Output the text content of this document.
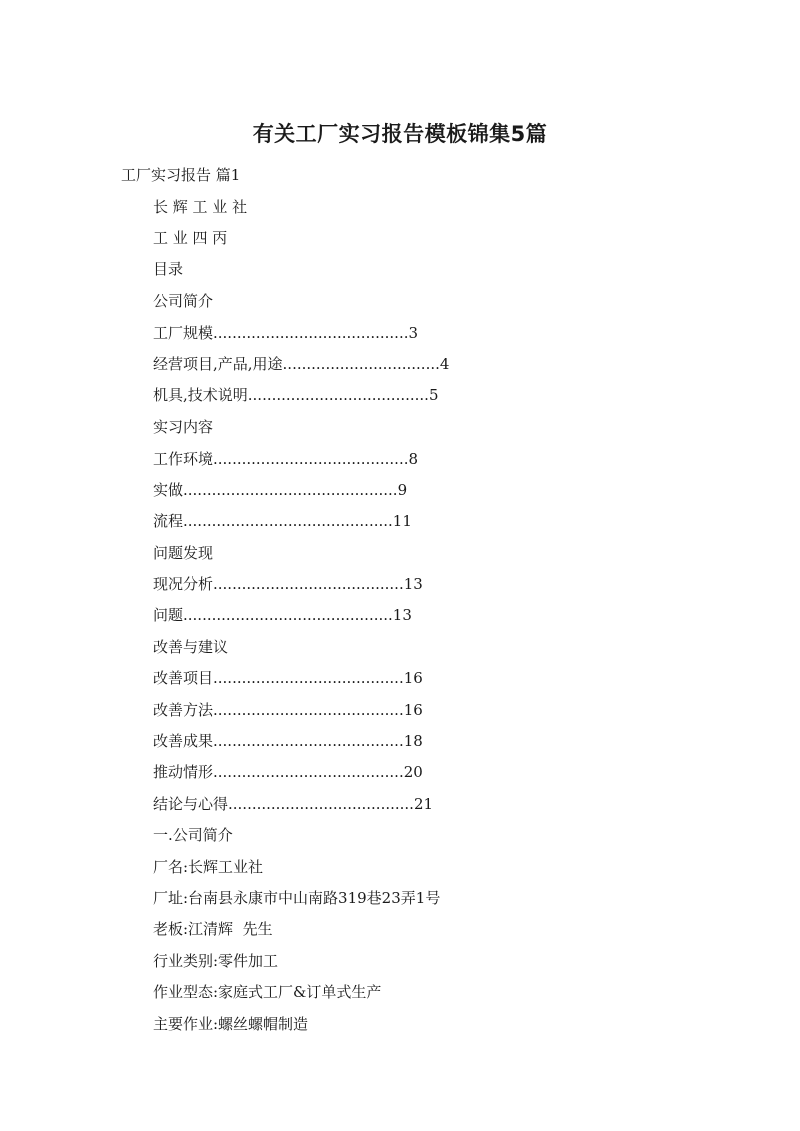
有关工厂实习报告模板锦集5篇
工厂实习报告 篇1
长 辉 工 业 社
工 业 四 丙
目录
公司简介
工厂规模.........................................3
经营项目,产品,用途.................................4
机具,技术说明......................................5
实习内容
工作环境.........................................8
实做.............................................9
流程............................................11
问题发现
现况分析........................................13
问题............................................13
改善与建议
改善项目........................................16
改善方法........................................16
改善成果........................................18
推动情形........................................20
结论与心得.......................................21
一.公司简介
厂名:长辉工业社
厂址:台南县永康市中山南路319巷23弄1号
老板:江清辉  先生
行业类别:零件加工
作业型态:家庭式工厂&订单式生产
主要作业:螺丝螺帽制造
